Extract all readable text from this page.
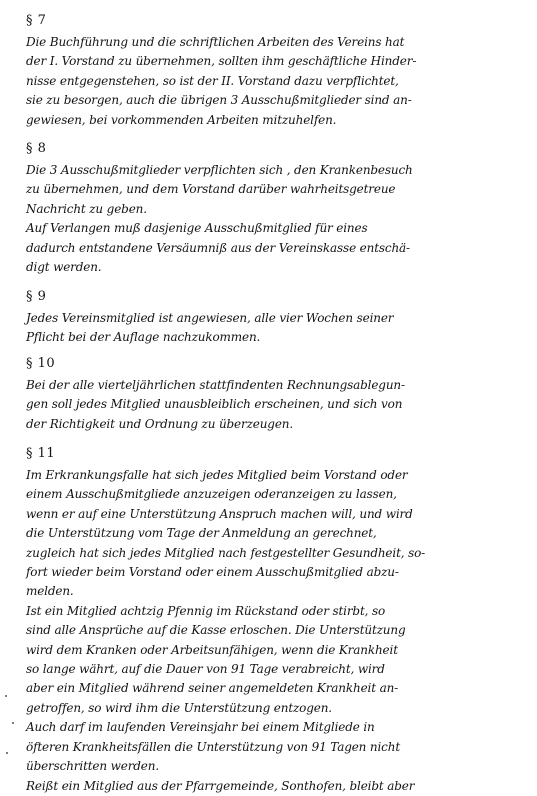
§ 7
Die Buchführung und die schriftlichen Arbeiten des Vereins hat
der I. Vorstand zu übernehmen, sollten ihm geschäftliche Hinder-
nisse entgegenstehen, so ist der II. Vorstand dazu verpflichtet,
sie zu besorgen, auch die übrigen 3 Ausschußmitglieder sind an-
gewiesen, bei vorkommenden Arbeiten mitzuhelfen.
§ 8
Die 3 Ausschußmitglieder verpflichten sich , den Krankenbesuch
zu übernehmen, und dem Vorstand darüber wahrheitsgetreue
Nachricht zu geben.
Auf Verlangen muß dasjenige Ausschußmitglied für eines
dadurch entstandene Versäumniß aus der Vereinskasse entschä-
digt werden.
§ 9
Jedes Vereinsmitglied ist angewiesen, alle vier Wochen seiner
Pflicht bei der Auflage nachzukommen.
§ 10
Bei der alle vierteljährlichen stattfindenten Rechnungsablegun-
gen soll jedes Mitglied unausbleiblich erscheinen, und sich von
der Richtigkeit und Ordnung zu überzeugen.
§ 11
Im Erkrankungsfalle hat sich jedes Mitglied beim Vorstand oder
einem Ausschußmitgliede anzuzeigen oderanzeigen zu lassen,
wenn er auf eine Unterstützung Anspruch machen will, und wird
die Unterstützung vom Tage der Anmeldung an gerechnet,
zugleich hat sich jedes Mitglied nach festgestellter Gesundheit, so-
fort wieder beim Vorstand oder einem Ausschußmitglied abzu-
melden.
Ist ein Mitglied achtzig Pfennig im Rückstand oder stirbt, so
sind alle Ansprüche auf die Kasse erloschen. Die Unterstützung
wird dem Kranken oder Arbeitsunfähigen, wenn die Krankheit
so lange währt, auf die Dauer von 91 Tage verabreicht, wird
aber ein Mitglied während seiner angemeldeten Krankheit an-
getroffen, so wird ihm die Unterstützung entzogen.
Auch darf im laufenden Vereinsjahr bei einem Mitgliede in
öfteren Krankheitsfällen die Unterstützung von 91 Tagen nicht
überschritten werden.
Reißt ein Mitglied aus der Pfarrgemeinde, Sonthofen, bleibt aber
